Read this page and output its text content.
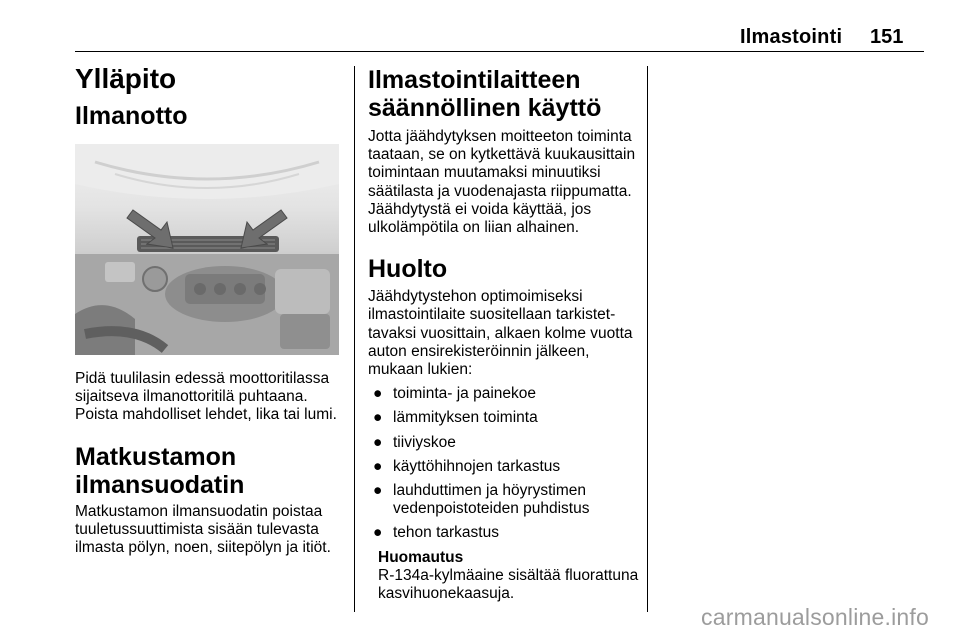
Ilmastointi 151
Ylläpito
Ilmanotto

Pidä tuulilasin edessä moottoritilassa sijaitseva ilmanottoritilä puhtaana. Poista mahdolliset lehdet, lika tai lumi.

Matkustamon ilmansuodatin

Matkustamon ilmansuodatin poistaa tuuletussuuttimista sisään tulevasta ilmasta pölyn, noen, siitepölyn ja itiöt.

Ilmastointilaitteen säännöllinen käyttö

Jotta jäähdytyksen moitteeton toiminta taataan, se on kytkettävä kuukausittain toimintaan muutamaksi minuutiksi säätilasta ja vuodenajasta riippumatta. Jäähdytystä ei voida käyttää, jos ulkolämpötila on liian alhainen.

Huolto

Jäähdytystehon optimoimiseksi ilmastointilaite suositellaan tarkistettavaksi vuosittain, alkaen kolme vuotta auton ensirekisteröinnin jälkeen, mukaan lukien:

● toiminta- ja painekoe
● lämmityksen toiminta
● tiiviyskoe
● käyttöhihnojen tarkastus
● lauhduttimen ja höyrystimen vedenpoistoteiden puhdistus
● tehon tarkastus
Huomautus

R-134a-kylmäaine sisältää fluorattuna kasvihuonekaasuja.

carmanualsonline.info
